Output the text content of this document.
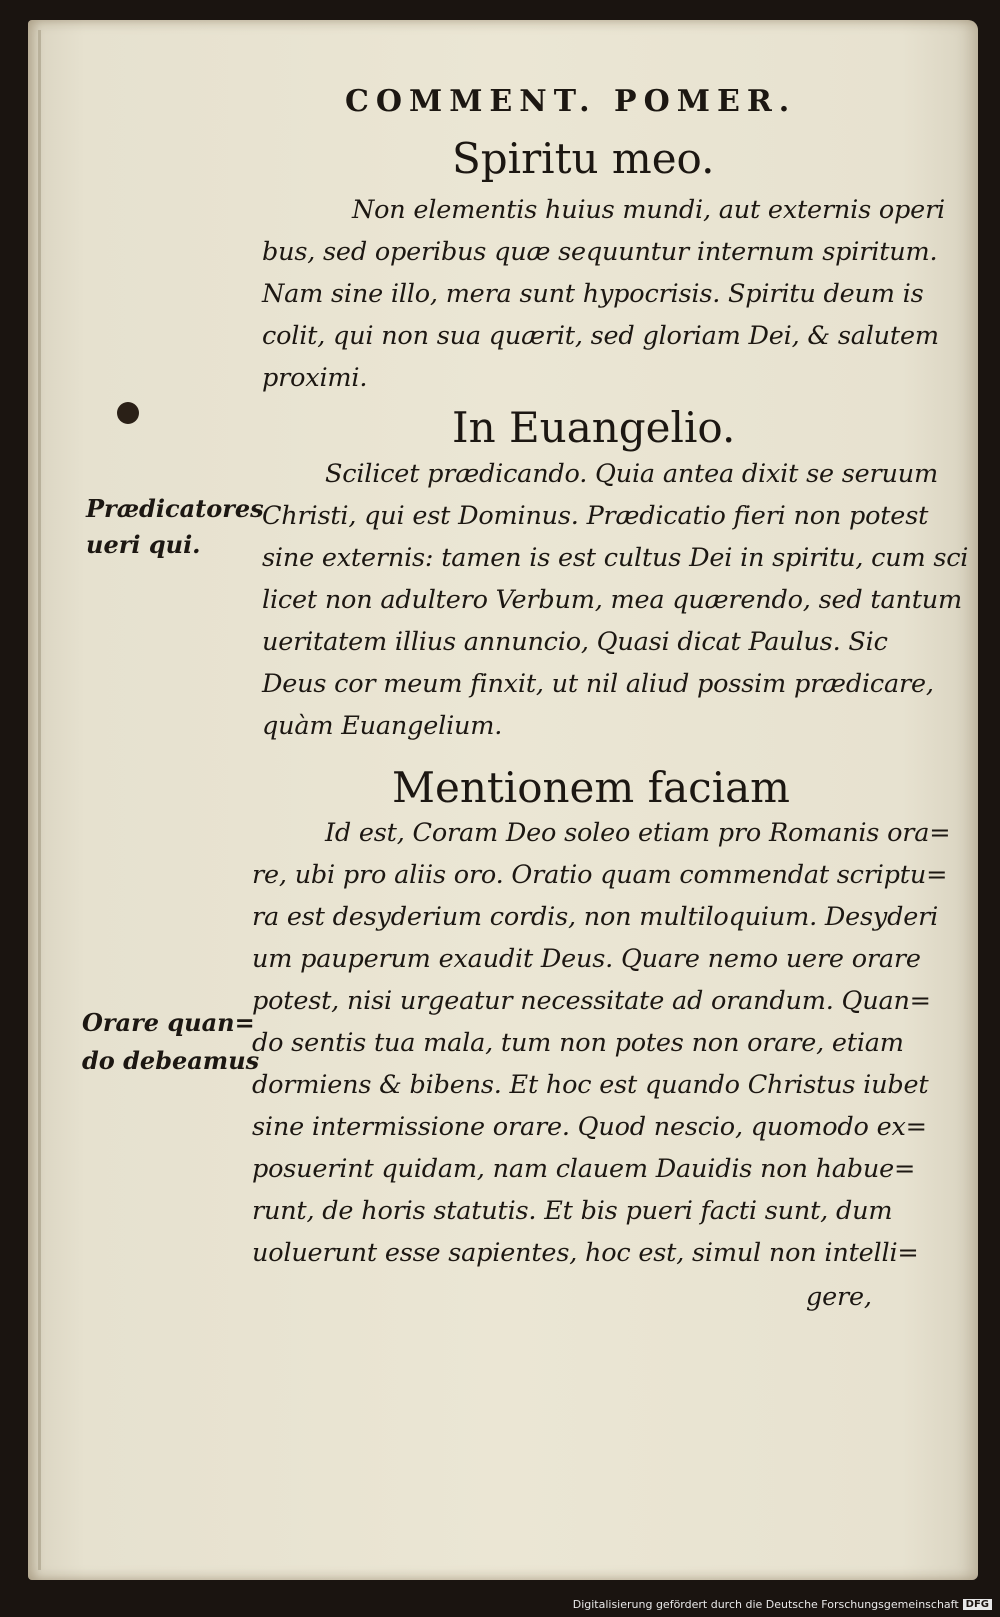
COMMENT. POMER.
Spiritu meo.
Non elementis huius mundi, aut externis operi
bus, sed operibus quæ sequuntur internum spiritum.
Nam sine illo, mera sunt hypocrisis. Spiritu deum is
colit, qui non sua quærit, sed gloriam Dei, & salutem
proximi.
In Euangelio.
Scilicet prædicando. Quia antea dixit se seruum
Christi, qui est Dominus. Prædicatio fieri non potest
sine externis: tamen is est cultus Dei in spiritu, cum sci
licet non adultero Verbum, mea quærendo, sed tantum
ueritatem illius annuncio, Quasi dicat Paulus. Sic
Deus cor meum finxit, ut nil aliud possim prædicare,
quàm Euangelium.
Prædicatores
ueri qui.
Mentionem faciam
Id est, Coram Deo soleo etiam pro Romanis ora=
re, ubi pro aliis oro. Oratio quam commendat scriptu=
ra est desyderium cordis, non multiloquium. Desyderi
um pauperum exaudit Deus. Quare nemo uere orare
potest, nisi urgeatur necessitate ad orandum. Quan=
do sentis tua mala, tum non potes non orare, etiam
dormiens & bibens. Et hoc est quando Christus iubet
sine intermissione orare. Quod nescio, quomodo ex=
posuerint quidam, nam clauem Dauidis non habue=
runt, de horis statutis. Et bis pueri facti sunt, dum
uoluerunt esse sapientes, hoc est, simul non intelli=
gere,
Orare quan=
do debeamus
Digitalisierung gefördert durch die Deutsche Forschungsgemeinschaft DFG
